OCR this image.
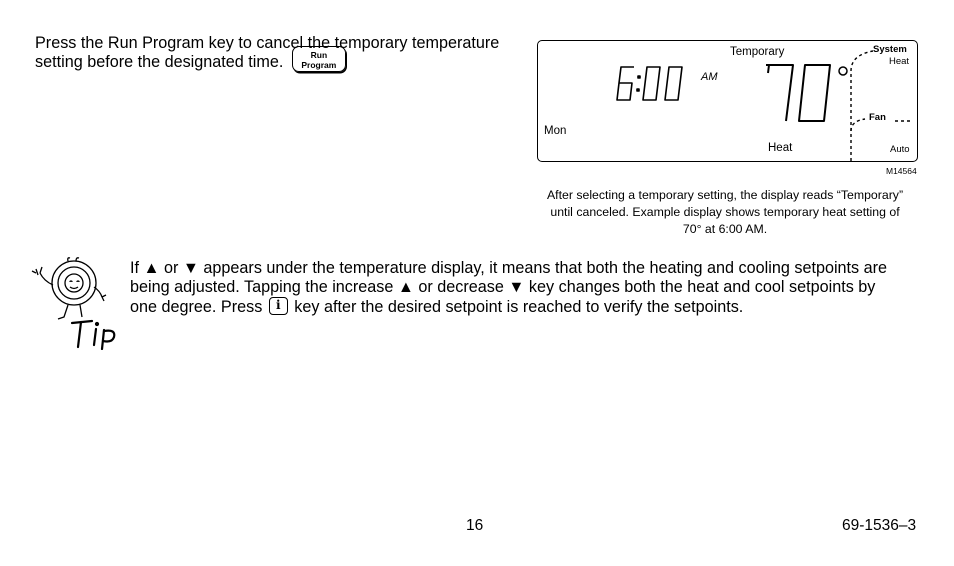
Press the Run Program key to cancel the temporary temperature setting before the designated time.	Run
Program
Temporary
AM
Mon
Heat
System
Heat
Fan
Auto
M14564
After selecting a temporary setting, the display reads “Temporary” until canceled. Example display shows temporary heat setting of 70° at 6:00 AM.
Tip
If ▲ or ▼ appears under the temperature display, it means that both the heating and cooling setpoints are being adjusted. Tapping the increase ▲ or decrease ▼ key changes both the heat and cool setpoints by one degree. Press i key after the desired setpoint is reached to verify the setpoints.
16	69-1536–3
